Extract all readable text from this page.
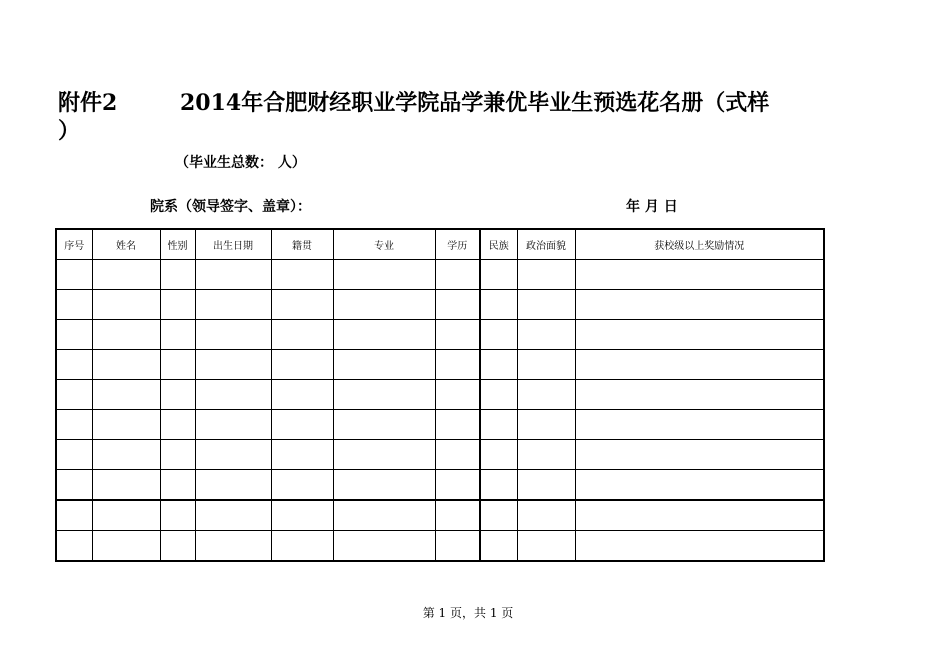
附件2	2014年合肥财经职业学院品学兼优毕业生预选花名册（式样
）
（毕业生总数： 人）
院系（领导签字、盖章）：	年 月 日
序号	姓名	性别	出生日期	籍贯	专业	学历	民族	政治面貌	获校级以上奖励情况

第 1 页，共 1 页
